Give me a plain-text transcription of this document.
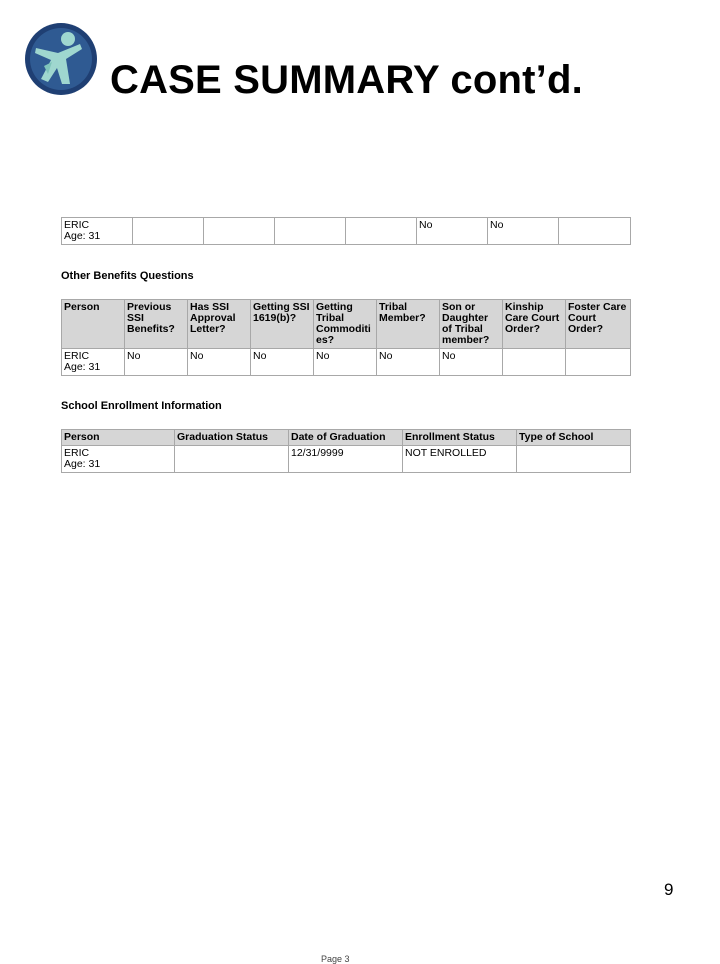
CASE SUMMARY cont’d.
ERIC
Age: 31
					No	No	
Other Benefits Questions
Person	Previous SSI Benefits?	Has SSI Approval Letter?	Getting SSI 1619(b)?	Getting Tribal Commoditi es?	Tribal Member?	Son or Daughter of Tribal member?	Kinship Care Court Order?	Foster Care Court Order?

ERIC
Age: 31	No	No	No	No	No	No		
School Enrollment Information
Person	Graduation Status	Date of Graduation	Enrollment Status	Type of School

ERIC
Age: 31		12/31/9999	NOT ENROLLED	
9
Page 3
